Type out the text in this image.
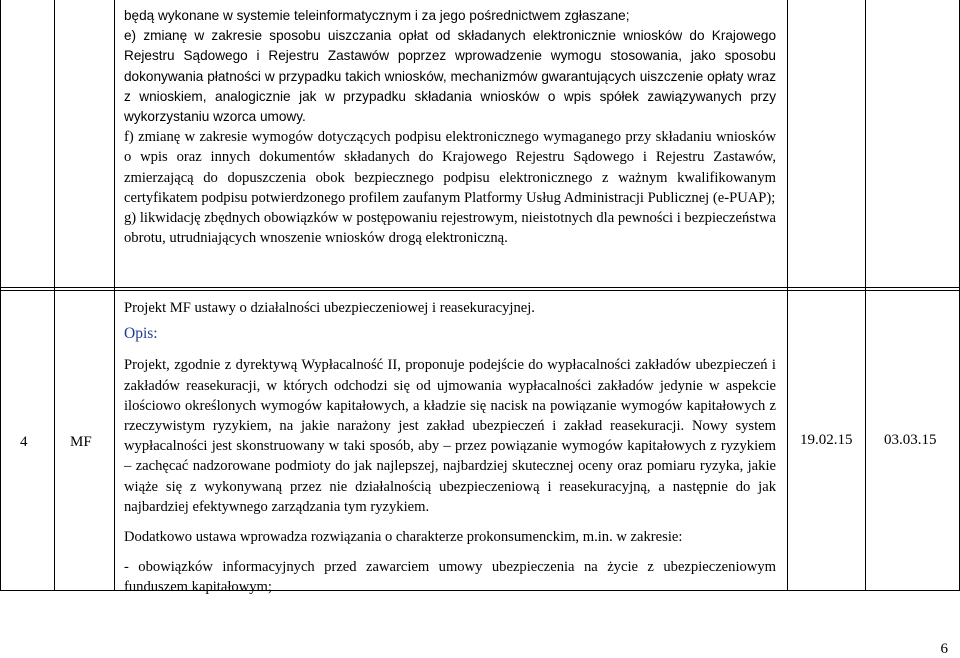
będą wykonane w systemie teleinformatycznym i za jego pośrednictwem zgłaszane;

e) zmianę w zakresie sposobu uiszczania opłat od składanych elektronicznie wniosków do Krajowego Rejestru Sądowego i Rejestru Zastawów poprzez wprowadzenie wymogu stosowania, jako sposobu dokonywania płatności w przypadku takich wniosków, mechanizmów gwarantujących uiszczenie opłaty wraz z wnioskiem, analogicznie jak w przypadku składania wniosków o wpis spółek zawiązywanych przy wykorzystaniu wzorca umowy.

f) zmianę w zakresie wymogów dotyczących podpisu elektronicznego wymaganego przy składaniu wniosków o wpis oraz innych dokumentów składanych do Krajowego Rejestru Sądowego i Rejestru Zastawów, zmierzającą do dopuszczenia obok bezpiecznego podpisu elektronicznego z ważnym kwalifikowanym certyfikatem podpisu potwierdzonego profilem zaufanym Platformy Usług Administracji Publicznej (e-PUAP);

g) likwidację zbędnych obowiązków w postępowaniu rejestrowym, nieistotnych dla pewności i bezpieczeństwa obrotu, utrudniających wnoszenie wniosków drogą elektroniczną.

4	MF

Projekt MF ustawy o działalności ubezpieczeniowej i reasekuracyjnej.

Opis:

Projekt, zgodnie z dyrektywą Wypłacalność II, proponuje podejście do wypłacalności zakładów ubezpieczeń i zakładów reasekuracji, w których odchodzi się od ujmowania wypłacalności zakładów jedynie w aspekcie ilościowo określonych wymogów kapitałowych, a kładzie się nacisk na powiązanie wymogów kapitałowych z rzeczywistym ryzykiem, na jakie narażony jest zakład ubezpieczeń i zakład reasekuracji. Nowy system wypłacalności jest skonstruowany w taki sposób, aby – przez powiązanie wymogów kapitałowych z ryzykiem – zachęcać nadzorowane podmioty do jak najlepszej, najbardziej skutecznej oceny oraz pomiaru ryzyka, jakie wiąże się z wykonywaną przez nie działalnością ubezpieczeniową i reasekuracyjną, a następnie do jak najbardziej efektywnego zarządzania tym ryzykiem.

Dodatkowo ustawa wprowadza rozwiązania o charakterze prokonsumenckim, m.in. w zakresie:

- obowiązków informacyjnych przed zawarciem umowy ubezpieczenia na życie z ubezpieczeniowym funduszem kapitałowym;

19.02.15 03.03.15
6
